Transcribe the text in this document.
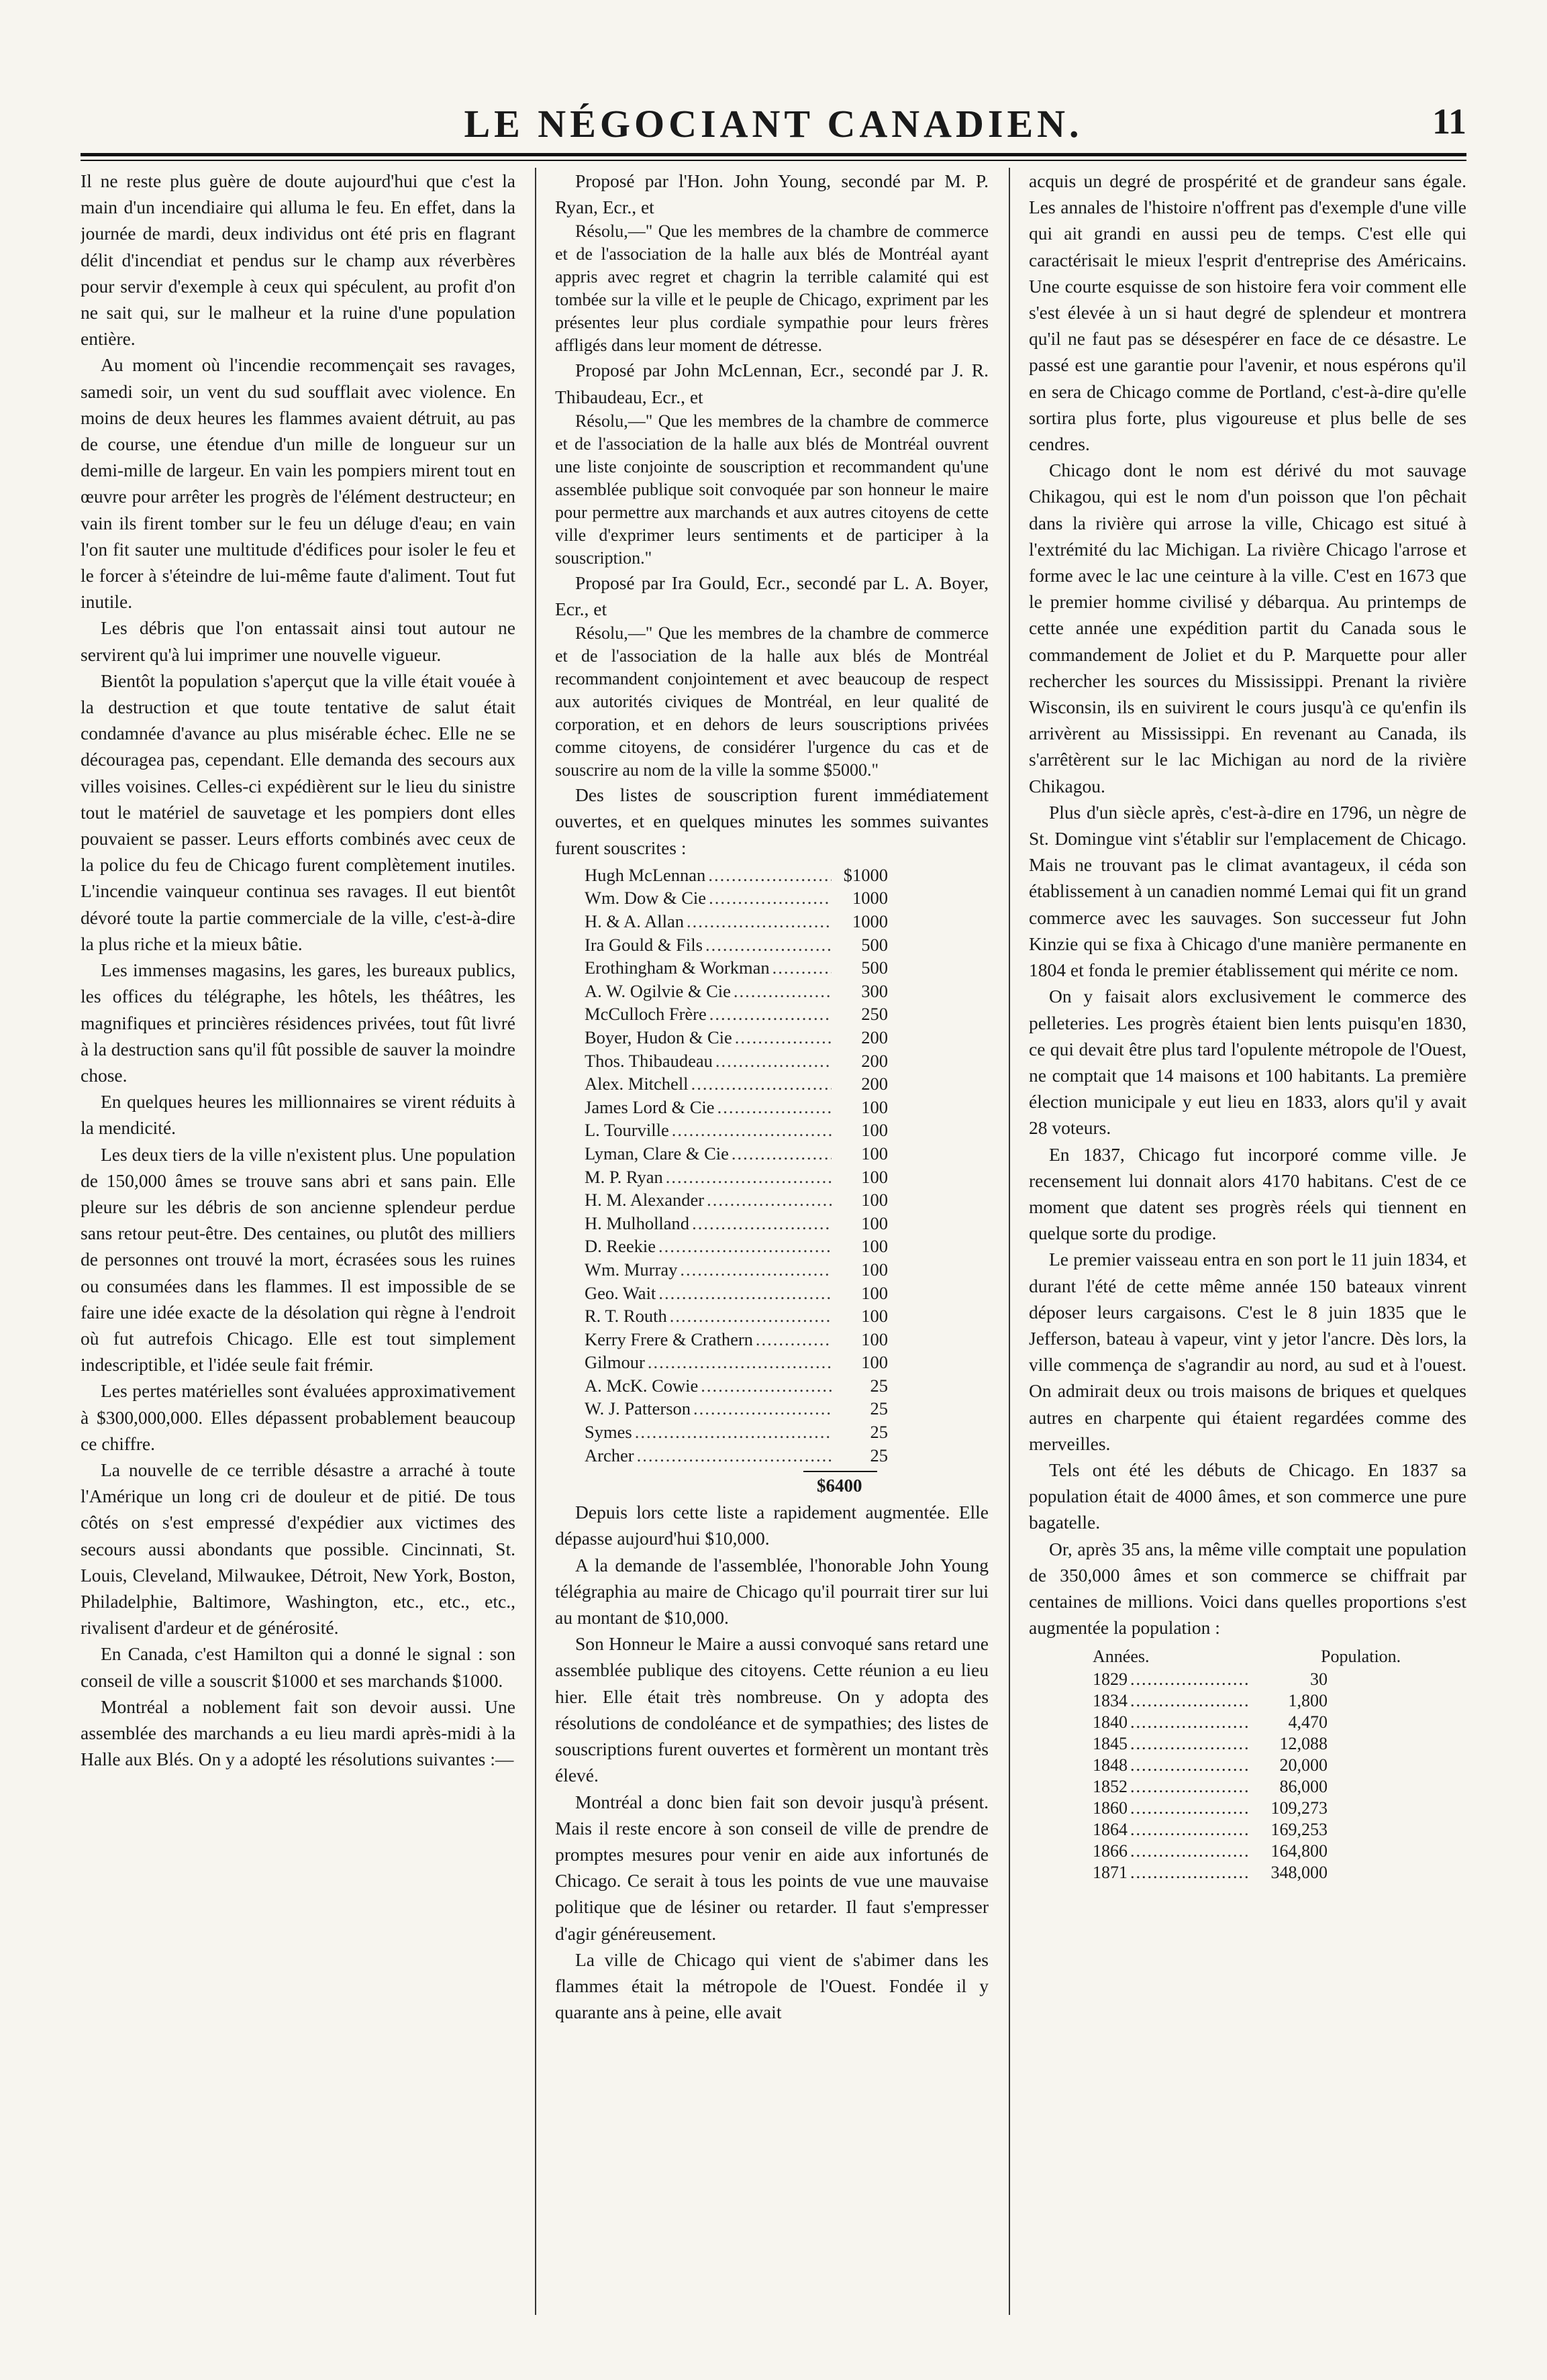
LE NÉGOCIANT CANADIEN.	11

Il ne reste plus guère de doute aujourd'hui que c'est la main d'un incendiaire qui alluma le feu. En effet, dans la journée de mardi, deux individus ont été pris en flagrant délit d'incendiat et pendus sur le champ aux réverbères pour servir d'exemple à ceux qui spéculent, au profit d'on ne sait qui, sur le malheur et la ruine d'une population entière.

Au moment où l'incendie recommençait ses ravages, samedi soir, un vent du sud soufflait avec violence. En moins de deux heures les flammes avaient détruit, au pas de course, une étendue d'un mille de longueur sur un demi-mille de largeur. En vain les pompiers mirent tout en œuvre pour arrêter les progrès de l'élément destructeur; en vain ils firent tomber sur le feu un déluge d'eau; en vain l'on fit sauter une multitude d'édifices pour isoler le feu et le forcer à s'éteindre de lui-même faute d'aliment. Tout fut inutile.

Les débris que l'on entassait ainsi tout autour ne servirent qu'à lui imprimer une nouvelle vigueur.

Bientôt la population s'aperçut que la ville était vouée à la destruction et que toute tentative de salut était condamnée d'avance au plus misérable échec. Elle ne se découragea pas, cependant. Elle demanda des secours aux villes voisines. Celles-ci expédièrent sur le lieu du sinistre tout le matériel de sauvetage et les pompiers dont elles pouvaient se passer. Leurs efforts combinés avec ceux de la police du feu de Chicago furent complètement inutiles. L'incendie vainqueur continua ses ravages. Il eut bientôt dévoré toute la partie commerciale de la ville, c'est-à-dire la plus riche et la mieux bâtie.

Les immenses magasins, les gares, les bureaux publics, les offices du télégraphe, les hôtels, les théâtres, les magnifiques et princières résidences privées, tout fût livré à la destruction sans qu'il fût possible de sauver la moindre chose.

En quelques heures les millionnaires se virent réduits à la mendicité.

Les deux tiers de la ville n'existent plus. Une population de 150,000 âmes se trouve sans abri et sans pain. Elle pleure sur les débris de son ancienne splendeur perdue sans retour peut-être. Des centaines, ou plutôt des milliers de personnes ont trouvé la mort, écrasées sous les ruines ou consumées dans les flammes. Il est impossible de se faire une idée exacte de la désolation qui règne à l'endroit où fut autrefois Chicago. Elle est tout simplement indescriptible, et l'idée seule fait frémir.

Les pertes matérielles sont évaluées approximativement à $300,000,000. Elles dépassent probablement beaucoup ce chiffre.

La nouvelle de ce terrible désastre a arraché à toute l'Amérique un long cri de douleur et de pitié. De tous côtés on s'est empressé d'expédier aux victimes des secours aussi abondants que possible. Cincinnati, St. Louis, Cleveland, Milwaukee, Détroit, New York, Boston, Philadelphie, Baltimore, Washington, etc., etc., etc., rivalisent d'ardeur et de générosité.

En Canada, c'est Hamilton qui a donné le signal : son conseil de ville a souscrit $1000 et ses marchands $1000.

Montréal a noblement fait son devoir aussi. Une assemblée des marchands a eu lieu mardi après-midi à la Halle aux Blés. On y a adopté les résolutions suivantes :—

Proposé par l'Hon. John Young, secondé par M. P. Ryan, Ecr., et

Résolu,—" Que les membres de la chambre de commerce et de l'association de la halle aux blés de Montréal ayant appris avec regret et chagrin la terrible calamité qui est tombée sur la ville et le peuple de Chicago, expriment par les présentes leur plus cordiale sympathie pour leurs frères affligés dans leur moment de détresse.

Proposé par John McLennan, Ecr., secondé par J. R. Thibaudeau, Ecr., et

Résolu,—" Que les membres de la chambre de commerce et de l'association de la halle aux blés de Montréal ouvrent une liste conjointe de souscription et recommandent qu'une assemblée publique soit convoquée par son honneur le maire pour permettre aux marchands et aux autres citoyens de cette ville d'exprimer leurs sentiments et de participer à la souscription."

Proposé par Ira Gould, Ecr., secondé par L. A. Boyer, Ecr., et

Résolu,—" Que les membres de la chambre de commerce et de l'association de la halle aux blés de Montréal recommandent conjointement et avec beaucoup de respect aux autorités civiques de Montréal, en leur qualité de corporation, et en dehors de leurs souscriptions privées comme citoyens, de considérer l'urgence du cas et de souscrire au nom de la ville la somme $5000."

Des listes de souscription furent immédiatement ouvertes, et en quelques minutes les sommes suivantes furent souscrites :

Hugh McLennan .....	$1000
Wm. Dow & Cie .....	1000
H. & A. Allan .....	1000
Ira Gould & Fils .....	500
Erothingham & Workman .....	500
A. W. Ogilvie & Cie .....	300
McCulloch Frère .....	250
Boyer, Hudon & Cie .....	200
Thos. Thibaudeau .....	200
Alex. Mitchell .....	200
James Lord & Cie .....	100
L. Tourville .....	100
Lyman, Clare & Cie .....	100
M. P. Ryan .....	100
H. M. Alexander .....	100
H. Mulholland .....	100
D. Reekie .....	100
Wm. Murray .....	100
Geo. Wait .....	100
R. T. Routh .....	100
Kerry Frere & Crathern .....	100
Gilmour .....	100
A. McK. Cowie .....	25
W. J. Patterson .....	25
Symes .....	25
Archer .....	25
$6400

Depuis lors cette liste a rapidement augmentée. Elle dépasse aujourd'hui $10,000.

A la demande de l'assemblée, l'honorable John Young télégraphia au maire de Chicago qu'il pourrait tirer sur lui au montant de $10,000.

Son Honneur le Maire a aussi convoqué sans retard une assemblée publique des citoyens. Cette réunion a eu lieu hier. Elle était très nombreuse. On y adopta des résolutions de condoléance et de sympathies; des listes de souscriptions furent ouvertes et formèrent un montant très élevé.

Montréal a donc bien fait son devoir jusqu'à présent. Mais il reste encore à son conseil de ville de prendre de promptes mesures pour venir en aide aux infortunés de Chicago. Ce serait à tous les points de vue une mauvaise politique que de lésiner ou retarder. Il faut s'empresser d'agir généreusement.

La ville de Chicago qui vient de s'abimer dans les flammes était la métropole de l'Ouest. Fondée il y quarante ans à peine, elle avait

acquis un degré de prospérité et de grandeur sans égale. Les annales de l'histoire n'offrent pas d'exemple d'une ville qui ait grandi en aussi peu de temps. C'est elle qui caractérisait le mieux l'esprit d'entreprise des Américains. Une courte esquisse de son histoire fera voir comment elle s'est élevée à un si haut degré de splendeur et montrera qu'il ne faut pas se désespérer en face de ce désastre. Le passé est une garantie pour l'avenir, et nous espérons qu'il en sera de Chicago comme de Portland, c'est-à-dire qu'elle sortira plus forte, plus vigoureuse et plus belle de ses cendres.

Chicago dont le nom est dérivé du mot sauvage Chikagou, qui est le nom d'un poisson que l'on pêchait dans la rivière qui arrose la ville, Chicago est situé à l'extrémité du lac Michigan. La rivière Chicago l'arrose et forme avec le lac une ceinture à la ville. C'est en 1673 que le premier homme civilisé y débarqua. Au printemps de cette année une expédition partit du Canada sous le commandement de Joliet et du P. Marquette pour aller rechercher les sources du Mississippi. Prenant la rivière Wisconsin, ils en suivirent le cours jusqu'à ce qu'enfin ils arrivèrent au Mississippi. En revenant au Canada, ils s'arrêtèrent sur le lac Michigan au nord de la rivière Chikagou.

Plus d'un siècle après, c'est-à-dire en 1796, un nègre de St. Domingue vint s'établir sur l'emplacement de Chicago. Mais ne trouvant pas le climat avantageux, il céda son établissement à un canadien nommé Lemai qui fit un grand commerce avec les sauvages. Son successeur fut John Kinzie qui se fixa à Chicago d'une manière permanente en 1804 et fonda le premier établissement qui mérite ce nom.

On y faisait alors exclusivement le commerce des pelleteries. Les progrès étaient bien lents puisqu'en 1830, ce qui devait être plus tard l'opulente métropole de l'Ouest, ne comptait que 14 maisons et 100 habitants. La première élection municipale y eut lieu en 1833, alors qu'il y avait 28 voteurs.

En 1837, Chicago fut incorporé comme ville. Je recensement lui donnait alors 4170 habitans. C'est de ce moment que datent ses progrès réels qui tiennent en quelque sorte du prodige.

Le premier vaisseau entra en son port le 11 juin 1834, et durant l'été de cette même année 150 bateaux vinrent déposer leurs cargaisons. C'est le 8 juin 1835 que le Jefferson, bateau à vapeur, vint y jetor l'ancre. Dès lors, la ville commença de s'agrandir au nord, au sud et à l'ouest. On admirait deux ou trois maisons de briques et quelques autres en charpente qui étaient regardées comme des merveilles.

Tels ont été les débuts de Chicago. En 1837 sa population était de 4000 âmes, et son commerce une pure bagatelle.

Or, après 35 ans, la même ville comptait une population de 350,000 âmes et son commerce se chiffrait par centaines de millions. Voici dans quelles proportions s'est augmentée la population :

Années.	Population.
1829 .....	30
1834 .....	1,800
1840 .....	4,470
1845 .....	12,088
1848 .....	20,000
1852 .....	86,000
1860 .....	109,273
1864 .....	169,253
1866 .....	164,800
1871 .....	348,000
